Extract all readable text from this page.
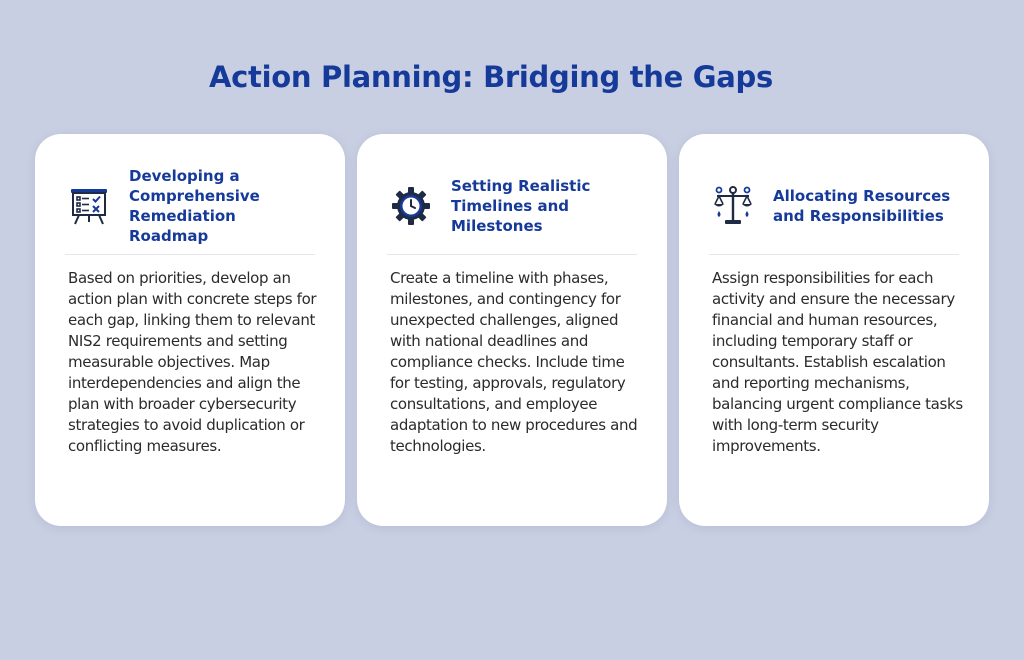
Action Planning: Bridging the Gaps
Developing a Comprehensive Remediation Roadmap
Based on priorities, develop an action plan with concrete steps for each gap, linking them to relevant NIS2 requirements and setting measurable objectives. Map interdependencies and align the plan with broader cybersecurity strategies to avoid duplication or conflicting measures.
Setting Realistic Timelines and Milestones
Create a timeline with phases, milestones, and contingency for unexpected challenges, aligned with national deadlines and compliance checks. Include time for testing, approvals, regulatory consultations, and employee adaptation to new procedures and technologies.
Allocating Resources and Responsibilities
Assign responsibilities for each activity and ensure the necessary financial and human resources, including temporary staff or consultants. Establish escalation and reporting mechanisms, balancing urgent compliance tasks with long-term security improvements.
